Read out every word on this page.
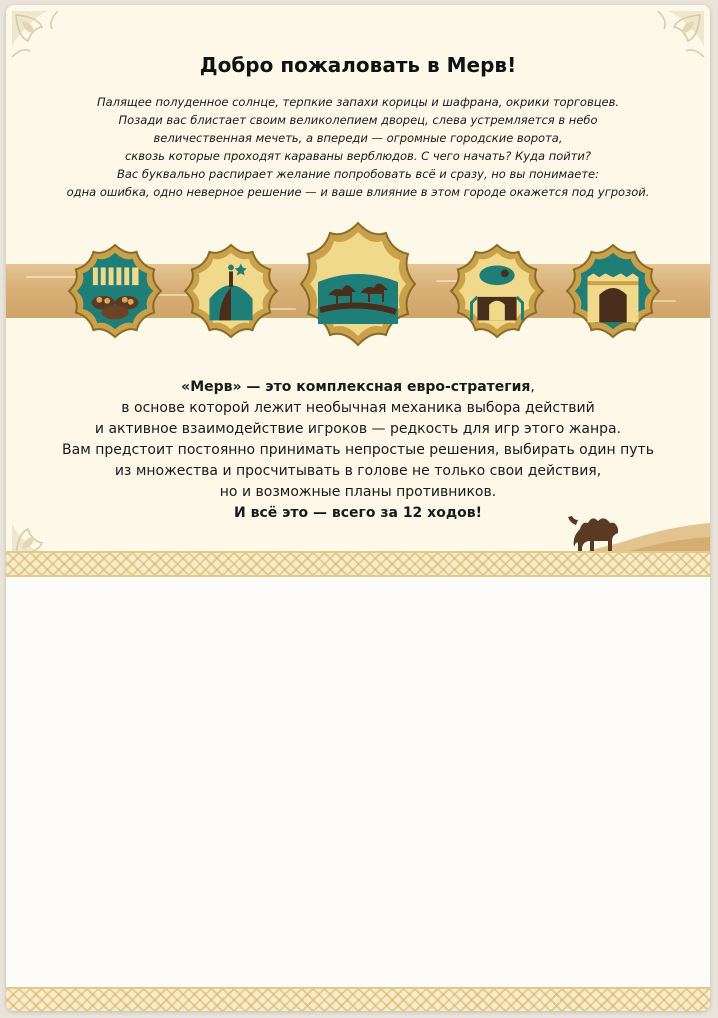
Добро пожаловать в Мерв!

Палящее полуденное солнце, терпкие запахи корицы и шафрана, окрики торговцев.
Позади вас блистает своим великолепием дворец, слева устремляется в небо
величественная мечеть, а впереди — огромные городские ворота,
сквозь которые проходят караваны верблюдов. С чего начать? Куда пойти?
Вас буквально распирает желание попробовать всё и сразу, но вы понимаете:
одна ошибка, одно неверное решение — и ваше влияние в этом городе окажется под угрозой.

«Мерв» — это комплексная евро-стратегия,
в основе которой лежит необычная механика выбора действий
и активное взаимодействие игроков — редкость для игр этого жанра.
Вам предстоит постоянно принимать непростые решения, выбирать один путь
из множества и просчитывать в голове не только свои действия,
но и возможные планы противников.
И всё это — всего за 12 ходов!
